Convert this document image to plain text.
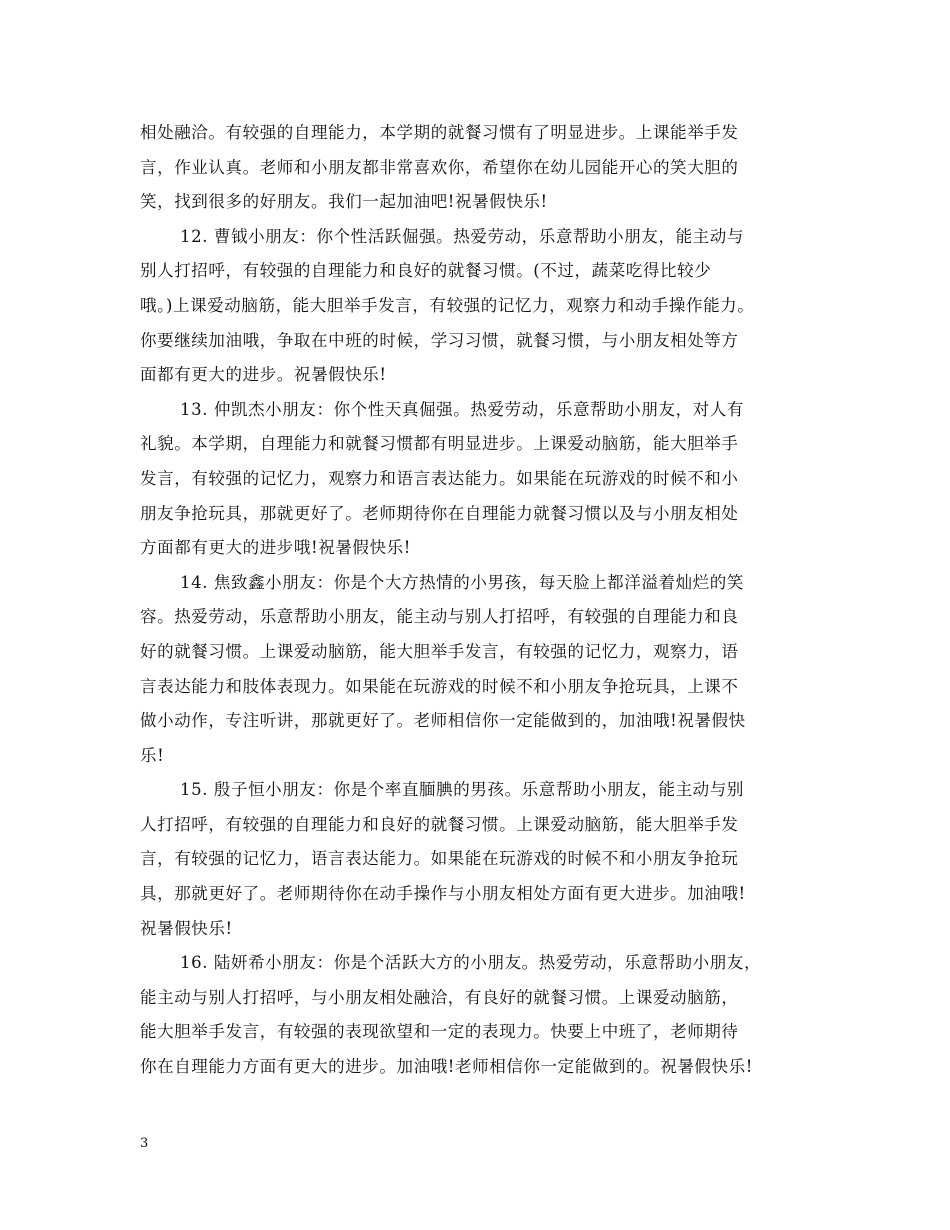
相处融洽。有较强的自理能力，本学期的就餐习惯有了明显进步。上课能举手发
言，作业认真。老师和小朋友都非常喜欢你，希望你在幼儿园能开心的笑大胆的
笑，找到很多的好朋友。我们一起加油吧!祝暑假快乐!
12. 曹钺小朋友：你个性活跃倔强。热爱劳动，乐意帮助小朋友，能主动与
别人打招呼，有较强的自理能力和良好的就餐习惯。(不过，蔬菜吃得比较少
哦。)上课爱动脑筋，能大胆举手发言，有较强的记忆力，观察力和动手操作能力。
你要继续加油哦，争取在中班的时候，学习习惯，就餐习惯，与小朋友相处等方
面都有更大的进步。祝暑假快乐!
13. 仲凯杰小朋友：你个性天真倔强。热爱劳动，乐意帮助小朋友，对人有
礼貌。本学期，自理能力和就餐习惯都有明显进步。上课爱动脑筋，能大胆举手
发言，有较强的记忆力，观察力和语言表达能力。如果能在玩游戏的时候不和小
朋友争抢玩具，那就更好了。老师期待你在自理能力就餐习惯以及与小朋友相处
方面都有更大的进步哦!祝暑假快乐!
14. 焦致鑫小朋友：你是个大方热情的小男孩，每天脸上都洋溢着灿烂的笑
容。热爱劳动，乐意帮助小朋友，能主动与别人打招呼，有较强的自理能力和良
好的就餐习惯。上课爱动脑筋，能大胆举手发言，有较强的记忆力，观察力，语
言表达能力和肢体表现力。如果能在玩游戏的时候不和小朋友争抢玩具，上课不
做小动作，专注听讲，那就更好了。老师相信你一定能做到的，加油哦!祝暑假快
乐!
15. 殷子恒小朋友：你是个率直腼腆的男孩。乐意帮助小朋友，能主动与别
人打招呼，有较强的自理能力和良好的就餐习惯。上课爱动脑筋，能大胆举手发
言，有较强的记忆力，语言表达能力。如果能在玩游戏的时候不和小朋友争抢玩
具，那就更好了。老师期待你在动手操作与小朋友相处方面有更大进步。加油哦!
祝暑假快乐!
16. 陆妍希小朋友：你是个活跃大方的小朋友。热爱劳动，乐意帮助小朋友，
能主动与别人打招呼，与小朋友相处融洽，有良好的就餐习惯。上课爱动脑筋，
能大胆举手发言，有较强的表现欲望和一定的表现力。快要上中班了，老师期待
你在自理能力方面有更大的进步。加油哦!老师相信你一定能做到的。祝暑假快乐!
3
